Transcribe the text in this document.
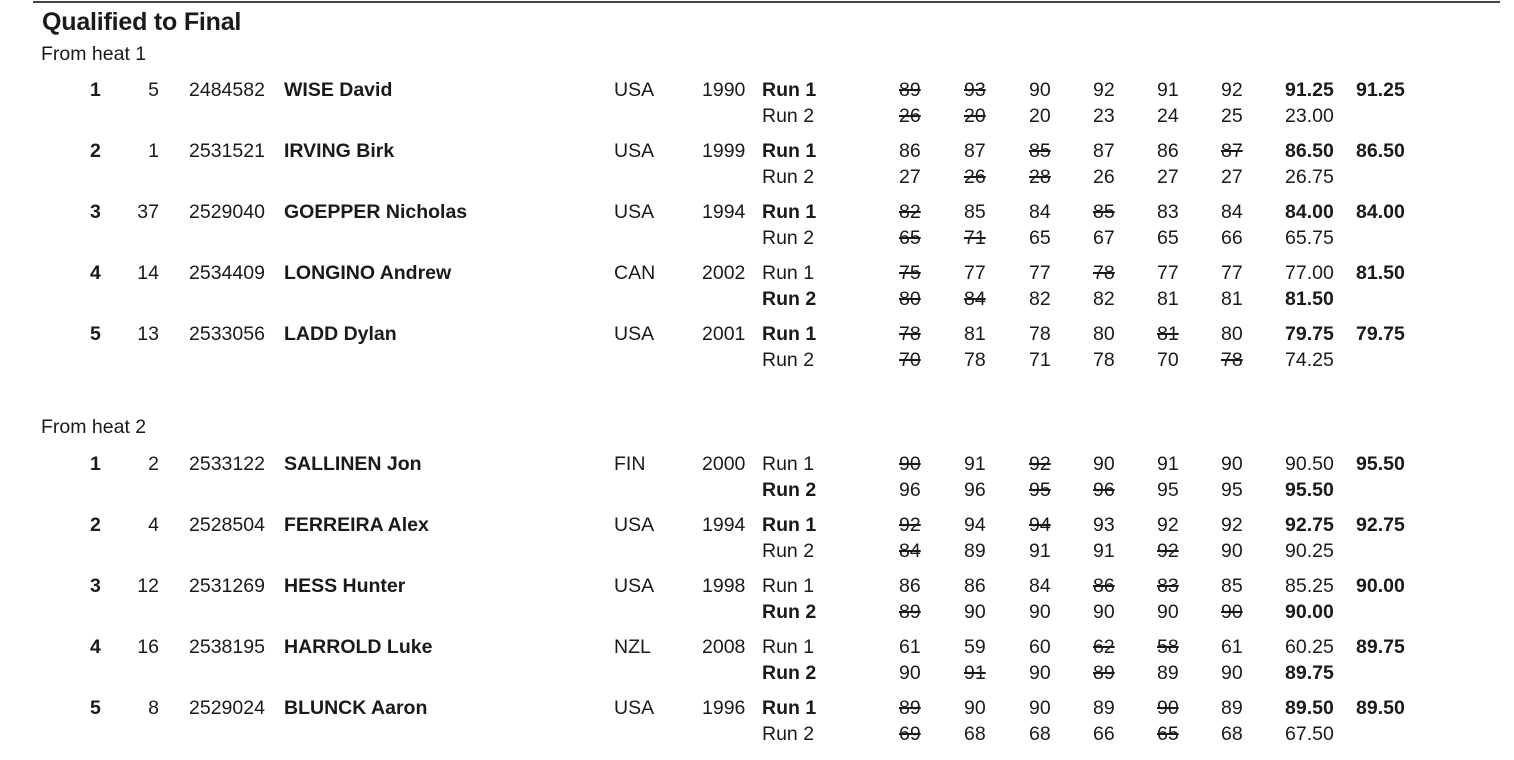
Qualified to Final
From heat 1
1 5 2484582 WISE David	USA 1990	91.25
Run 1	89 93 90 92 91 92 91.25
Run 2	26 20 20 23 24 25 23.00
2 1 2531521 IRVING Birk	USA 1999	86.50
Run 1	86 87 85 87 86 87 86.50
Run 2	27 26 28 26 27 27 26.75
3 37 2529040 GOEPPER Nicholas	USA 1994	84.00
Run 1	82 85 84 85 83 84 84.00
Run 2	65 71 65 67 65 66 65.75
4 14 2534409 LONGINO Andrew	CAN 2002	81.50
Run 1	75 77 77 78 77 77 77.00
Run 2	80 84 82 82 81 81 81.50
5 13 2533056 LADD Dylan	USA 2001	79.75
Run 1	78 81 78 80 81 80 79.75
Run 2	70 78 71 78 70 78 74.25
From heat 2
1 2 2533122 SALLINEN Jon	FIN	2000	95.50
Run 1	90 91 92 90 91 90 90.50
Run 2	96 96 95 96 95 95 95.50
2 4 2528504 FERREIRA Alex	USA 1994	92.75
Run 1	92 94 94 93 92 92 92.75
Run 2	84 89 91 91 92 90 90.25
3 12 2531269 HESS Hunter	USA 1998	90.00
Run 1	86 86 84 86 83 85 85.25
Run 2	89 90 90 90 90 90 90.00
4 16 2538195 HARROLD Luke	NZL	2008	89.75
Run 1	61 59 60 62 58 61 60.25
Run 2	90 91 90 89 89 90 89.75
5 8 2529024 BLUNCK Aaron	USA 1996	89.50
Run 1	89 90 90 89 90 89 89.50
Run 2	69 68 68 66 65 68 67.50
